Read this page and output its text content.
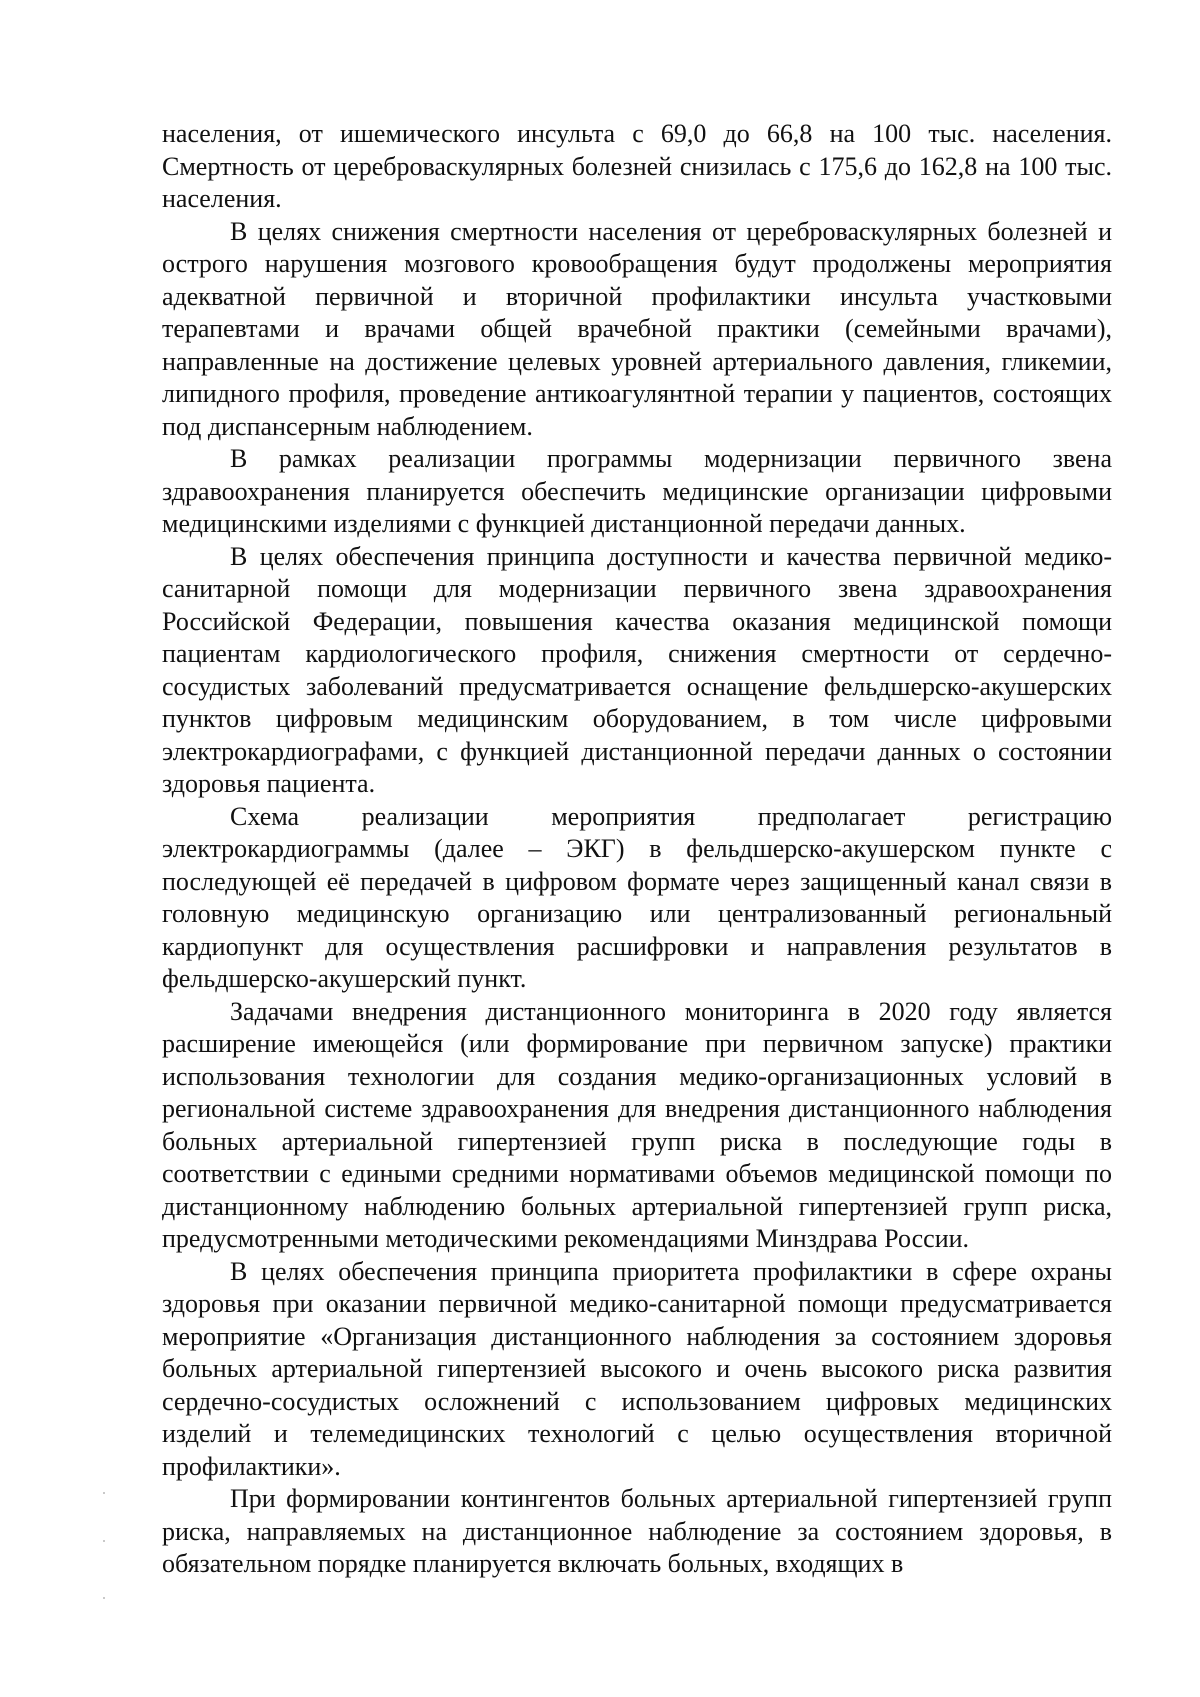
населения, от ишемического инсульта с 69,0 до 66,8 на 100 тыс. населения. Смертность от цереброваскулярных болезней снизилась с 175,6 до 162,8 на 100 тыс. населения.

В целях снижения смертности населения от цереброваскулярных болезней и острого нарушения мозгового кровообращения будут продолжены мероприятия адекватной первичной и вторичной профилактики инсульта участковыми терапевтами и врачами общей врачебной практики (семейными врачами), направленные на достижение целевых уровней артериального давления, гликемии, липидного профиля, проведение антикоагулянтной терапии у пациентов, состоящих под диспансерным наблюдением.

В рамках реализации программы модернизации первичного звена здравоохранения планируется обеспечить медицинские организации цифровыми медицинскими изделиями с функцией дистанционной передачи данных.

В целях обеспечения принципа доступности и качества первичной медико-санитарной помощи для модернизации первичного звена здравоохранения Российской Федерации, повышения качества оказания медицинской помощи пациентам кардиологического профиля, снижения смертности от сердечно-сосудистых заболеваний предусматривается оснащение фельдшерско-акушерских пунктов цифровым медицинским оборудованием, в том числе цифровыми электрокардиографами, с функцией дистанционной передачи данных о состоянии здоровья пациента.

Схема реализации мероприятия предполагает регистрацию электрокардиограммы (далее – ЭКГ) в фельдшерско-акушерском пункте с последующей её передачей в цифровом формате через защищенный канал связи в головную медицинскую организацию или централизованный региональный кардиопункт для осуществления расшифровки и направления результатов в фельдшерско-акушерский пункт.

Задачами внедрения дистанционного мониторинга в 2020 году является расширение имеющейся (или формирование при первичном запуске) практики использования технологии для создания медико-организационных условий в региональной системе здравоохранения для внедрения дистанционного наблюдения больных артериальной гипертензией групп риска в последующие годы в соответствии с едиными средними нормативами объемов медицинской помощи по дистанционному наблюдению больных артериальной гипертензией групп риска, предусмотренными методическими рекомендациями Минздрава России.

В целях обеспечения принципа приоритета профилактики в сфере охраны здоровья при оказании первичной медико-санитарной помощи предусматривается мероприятие «Организация дистанционного наблюдения за состоянием здоровья больных артериальной гипертензией высокого и очень высокого риска развития сердечно-сосудистых осложнений с использованием цифровых медицинских изделий и телемедицинских технологий с целью осуществления вторичной профилактики».

При формировании контингентов больных артериальной гипертензией групп риска, направляемых на дистанционное наблюдение за состоянием здоровья, в обязательном порядке планируется включать больных, входящих в
